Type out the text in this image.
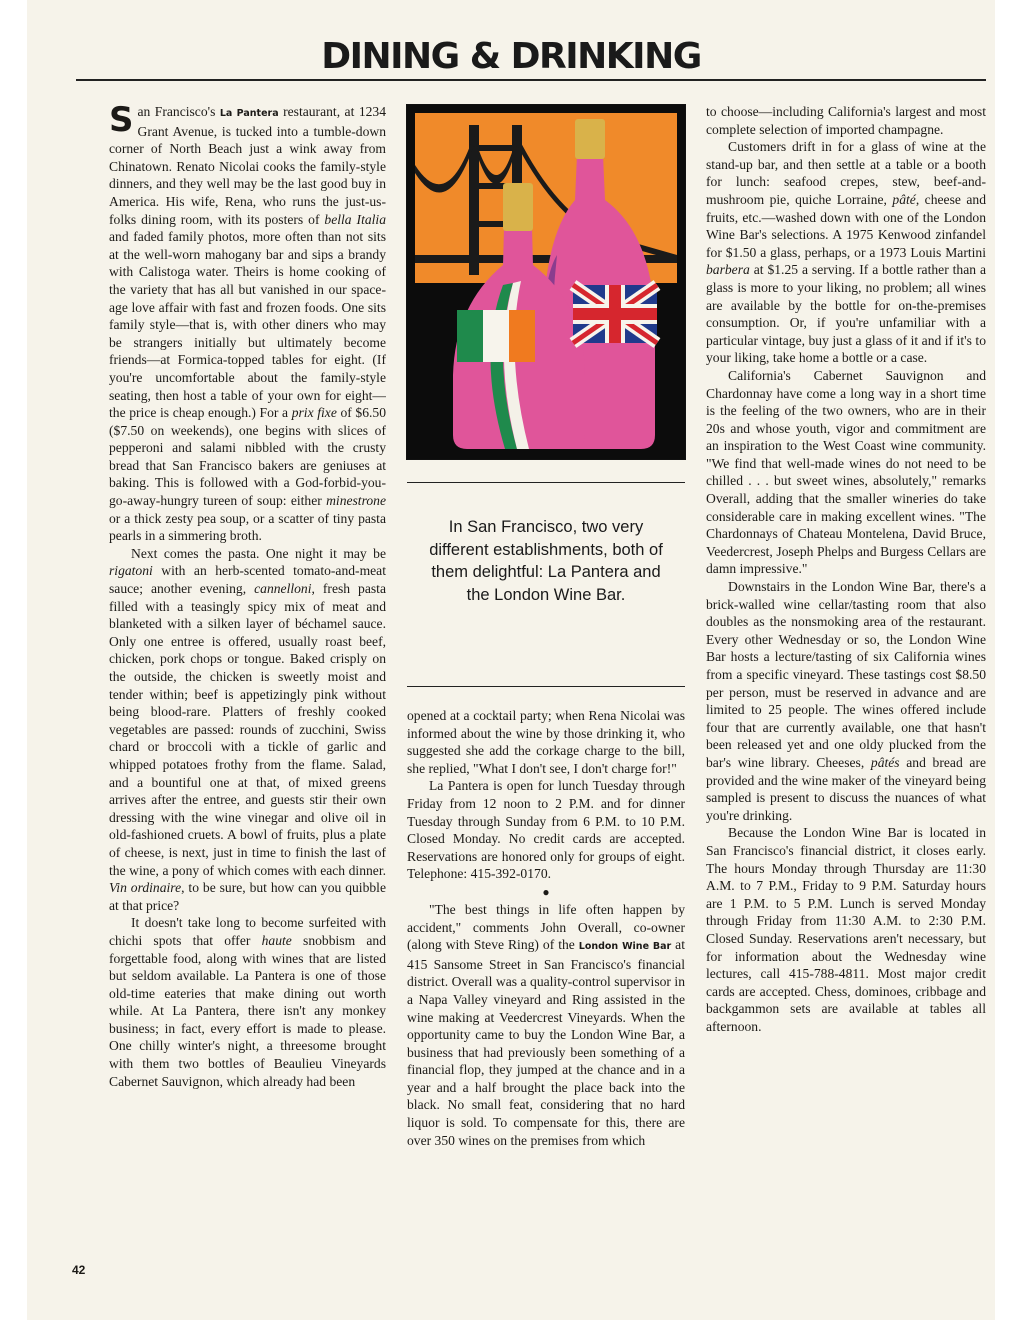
DINING & DRINKING

San Francisco's La Pantera restaurant, at 1234 Grant Avenue, is tucked into a tumble-down corner of North Beach just a wink away from Chinatown. Renato Nicolai cooks the family-style dinners, and they well may be the last good buy in America. His wife, Rena, who runs the just-us-folks dining room, with its posters of bella Italia and faded family photos, more often than not sits at the well-worn mahogany bar and sips a brandy with Calistoga water. Theirs is home cooking of the variety that has all but vanished in our space-age love affair with fast and frozen foods. One sits family style—that is, with other diners who may be strangers initially but ultimately become friends—at Formica-topped tables for eight. (If you're uncomfortable about the family-style seating, then host a table of your own for eight—the price is cheap enough.) For a prix fixe of $6.50 ($7.50 on weekends), one begins with slices of pepperoni and salami nibbled with the crusty bread that San Francisco bakers are geniuses at baking. This is followed with a God-forbid-you-go-away-hungry tureen of soup: either minestrone or a thick zesty pea soup, or a scatter of tiny pasta pearls in a simmering broth.

Next comes the pasta. One night it may be rigatoni with an herb-scented tomato-and-meat sauce; another evening, cannelloni, fresh pasta filled with a teasingly spicy mix of meat and blanketed with a silken layer of béchamel sauce. Only one entree is offered, usually roast beef, chicken, pork chops or tongue. Baked crisply on the outside, the chicken is sweetly moist and tender within; beef is appetizingly pink without being blood-rare. Platters of freshly cooked vegetables are passed: rounds of zucchini, Swiss chard or broccoli with a tickle of garlic and whipped potatoes frothy from the flame. Salad, and a bountiful one at that, of mixed greens arrives after the entree, and guests stir their own dressing with the wine vinegar and olive oil in old-fashioned cruets. A bowl of fruits, plus a plate of cheese, is next, just in time to finish the last of the wine, a pony of which comes with each dinner. Vin ordinaire, to be sure, but how can you quibble at that price?

It doesn't take long to become surfeited with chichi spots that offer haute snobbism and forgettable food, along with wines that are listed but seldom available. La Pantera is one of those old-time eateries that make dining out worth while. At La Pantera, there isn't any monkey business; in fact, every effort is made to please. One chilly winter's night, a threesome brought with them two bottles of Beaulieu Vineyards Cabernet Sauvignon, which already had been

In San Francisco, two very different establishments, both of them delightful: La Pantera and the London Wine Bar.

opened at a cocktail party; when Rena Nicolai was informed about the wine by those drinking it, who suggested she add the corkage charge to the bill, she replied, "What I don't see, I don't charge for!"

La Pantera is open for lunch Tuesday through Friday from 12 noon to 2 P.M. and for dinner Tuesday through Sunday from 6 P.M. to 10 P.M. Closed Monday. No credit cards are accepted. Reservations are honored only for groups of eight. Telephone: 415-392-0170.

●

"The best things in life often happen by accident," comments John Overall, co-owner (along with Steve Ring) of the London Wine Bar at 415 Sansome Street in San Francisco's financial district. Overall was a quality-control supervisor in a Napa Valley vineyard and Ring assisted in the wine making at Veedercrest Vineyards. When the opportunity came to buy the London Wine Bar, a business that had previously been something of a financial flop, they jumped at the chance and in a year and a half brought the place back into the black. No small feat, considering that no hard liquor is sold. To compensate for this, there are over 350 wines on the premises from which

to choose—including California's largest and most complete selection of imported champagne.

Customers drift in for a glass of wine at the stand-up bar, and then settle at a table or a booth for lunch: seafood crepes, stew, beef-and-mushroom pie, quiche Lorraine, pâté, cheese and fruits, etc.—washed down with one of the London Wine Bar's selections. A 1975 Kenwood zinfandel for $1.50 a glass, perhaps, or a 1973 Louis Martini barbera at $1.25 a serving. If a bottle rather than a glass is more to your liking, no problem; all wines are available by the bottle for on-the-premises consumption. Or, if you're unfamiliar with a particular vintage, buy just a glass of it and if it's to your liking, take home a bottle or a case.

California's Cabernet Sauvignon and Chardonnay have come a long way in a short time is the feeling of the two owners, who are in their 20s and whose youth, vigor and commitment are an inspiration to the West Coast wine community. "We find that well-made wines do not need to be chilled . . . but sweet wines, absolutely," remarks Overall, adding that the smaller wineries do take considerable care in making excellent wines. "The Chardonnays of Chateau Montelena, David Bruce, Veedercrest, Joseph Phelps and Burgess Cellars are damn impressive."

Downstairs in the London Wine Bar, there's a brick-walled wine cellar/tasting room that also doubles as the nonsmoking area of the restaurant. Every other Wednesday or so, the London Wine Bar hosts a lecture/tasting of six California wines from a specific vineyard. These tastings cost $8.50 per person, must be reserved in advance and are limited to 25 people. The wines offered include four that are currently available, one that hasn't been released yet and one oldy plucked from the bar's wine library. Cheeses, pâtés and bread are provided and the wine maker of the vineyard being sampled is present to discuss the nuances of what you're drinking.

Because the London Wine Bar is located in San Francisco's financial district, it closes early. The hours Monday through Thursday are 11:30 A.M. to 7 P.M., Friday to 9 P.M. Saturday hours are 1 P.M. to 5 P.M. Lunch is served Monday through Friday from 11:30 A.M. to 2:30 P.M. Closed Sunday. Reservations aren't necessary, but for information about the Wednesday wine lectures, call 415-788-4811. Most major credit cards are accepted. Chess, dominoes, cribbage and backgammon sets are available at tables all afternoon.

42
